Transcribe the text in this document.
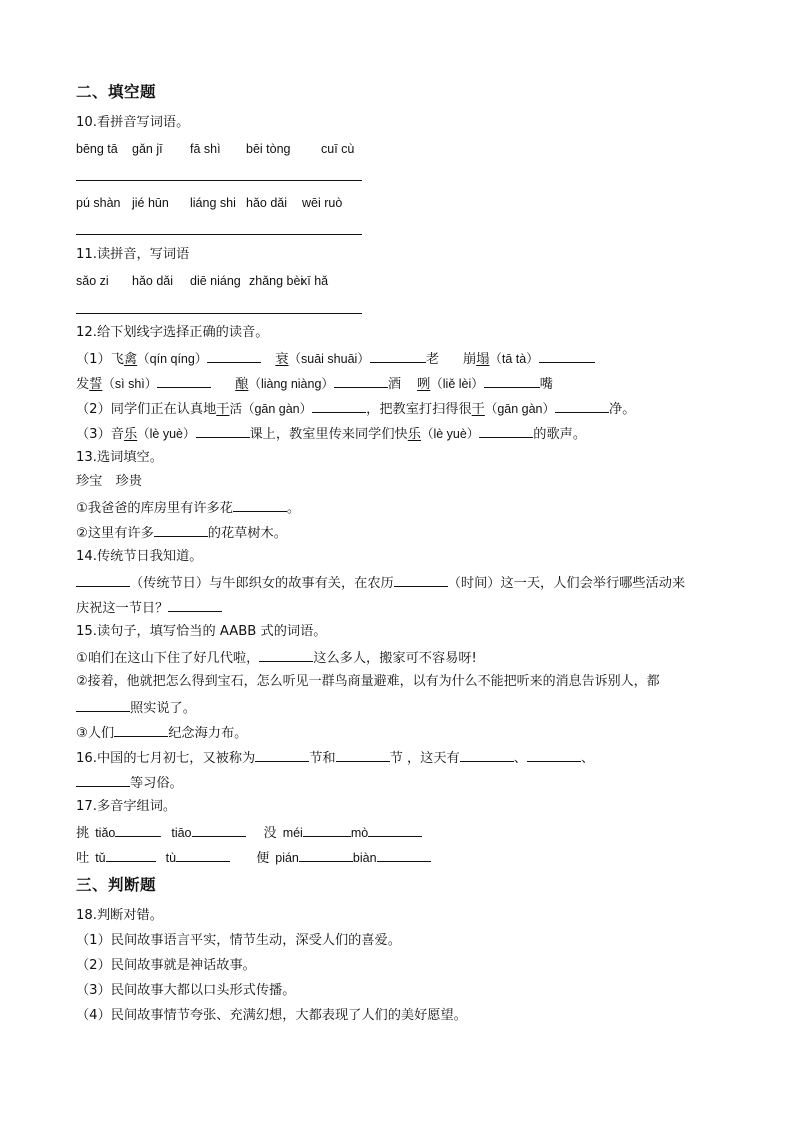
二、填空题
10.看拼音写词语。
bēng tā gǎn jī fā shì bēi tòng cuī cù
pú shàn jié hūn liáng shi hǎo dǎi wēi ruò
11.读拼音，写词语
sǎo zi hǎo dǎi diē niáng zhǎng bèixī hǎ
12.给下划线字选择正确的读音。
（1）飞禽（qín qíng）	衰（suāi shuāi）	老 崩塌（tā tà）
发誓（sì shì）	酿（liàng niàng）	酒 咧（liě lèi）	嘴
（2）同学们正在认真地干活（gān gàn）	，把教室打扫得很干（gān gàn）	净。
（3）音乐（lè yuè）	课上，教室里传来同学们快乐（lè yuè）	的歌声。
13.选词填空。
珍宝　珍贵
①我爸爸的库房里有许多花	。
②这里有许多	的花草树木。
14.传统节日我知道。
（传统节日）与牛郎织女的故事有关，在农历	（时间）这一天，人们会举行哪些活动来
庆祝这一节日？
15.读句子，填写恰当的 AABB 式的词语。
①咱们在这山下住了好几代啦，	这么多人，搬家可不容易呀!
②接着，他就把怎么得到宝石，怎么听见一群鸟商量避难，以有为什么不能把听来的消息告诉别人，都
照实说了。
③人们	纪念海力布。
16.中国的七月初七，又被称为	节和	节 ，这天有	、	、
等习俗。
17.多音字组词。
挑 tiǎo	tiāo	没 méi	mò
吐 tǔ	tù	便 pián	biàn
三、判断题
18.判断对错。
（1）民间故事语言平实，情节生动，深受人们的喜爱。
（2）民间故事就是神话故事。
（3）民间故事大都以口头形式传播。
（4）民间故事情节夸张、充满幻想，大都表现了人们的美好愿望。
